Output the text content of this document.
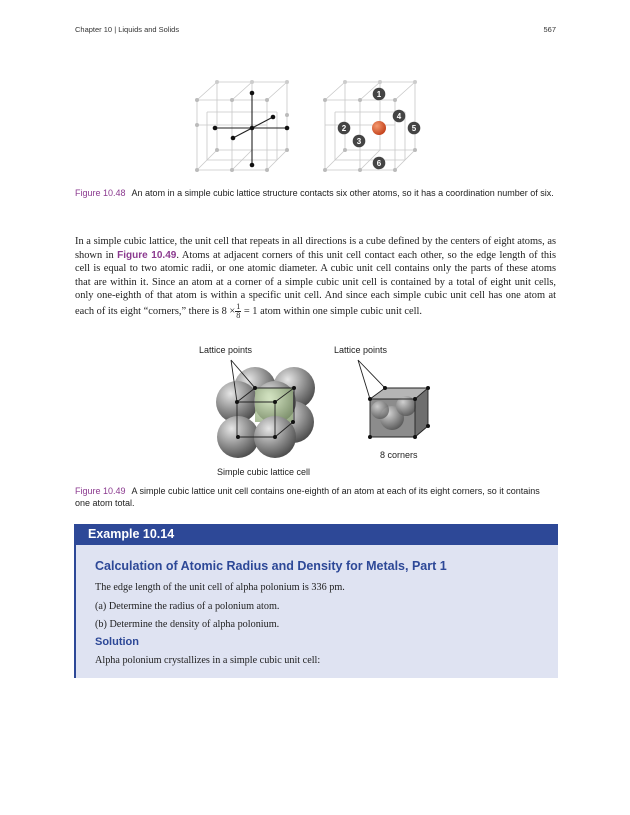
Chapter 10 | Liquids and Solids	567
1
2
3
4
5
6
Figure 10.48 An atom in a simple cubic lattice structure contacts six other atoms, so it has a coordination number of six.
In a simple cubic lattice, the unit cell that repeats in all directions is a cube defined by the centers of eight atoms, as shown in Figure 10.49. Atoms at adjacent corners of this unit cell contact each other, so the edge length of this cell is equal to two atomic radii, or one atomic diameter. A cubic unit cell contains only the parts of these atoms that are within it. Since an atom at a corner of a simple cubic unit cell is contained by a total of eight unit cells, only one-eighth of that atom is within a specific unit cell. And since each simple cubic unit cell has one atom at each of its eight “corners,” there is $8 \times \frac{1}{8} = 1$ atom within one simple cubic unit cell.
Lattice points	Lattice points
Simple cubic lattice cell
8 corners
Figure 10.49 A simple cubic lattice unit cell contains one-eighth of an atom at each of its eight corners, so it contains one atom total.
Example 10.14
Calculation of Atomic Radius and Density for Metals, Part 1
The edge length of the unit cell of alpha polonium is 336 pm.
(a) Determine the radius of a polonium atom.
(b) Determine the density of alpha polonium.
Solution
Alpha polonium crystallizes in a simple cubic unit cell:
